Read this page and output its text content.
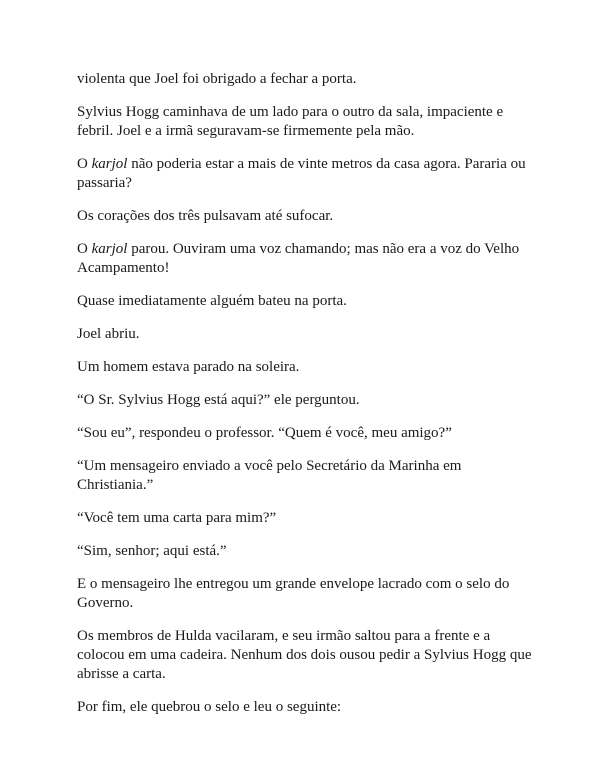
violenta que Joel foi obrigado a fechar a porta.

Sylvius Hogg caminhava de um lado para o outro da sala, impaciente e febril. Joel e a irmã seguravam-se firmemente pela mão.

O karjol não poderia estar a mais de vinte metros da casa agora. Pararia ou passaria?

Os corações dos três pulsavam até sufocar.

O karjol parou. Ouviram uma voz chamando; mas não era a voz do Velho Acampamento!

Quase imediatamente alguém bateu na porta.

Joel abriu.

Um homem estava parado na soleira.

“O Sr. Sylvius Hogg está aqui?” ele perguntou.

“Sou eu”, respondeu o professor. “Quem é você, meu amigo?”

“Um mensageiro enviado a você pelo Secretário da Marinha em Christiania.”

“Você tem uma carta para mim?”

“Sim, senhor; aqui está.”

E o mensageiro lhe entregou um grande envelope lacrado com o selo do Governo.

Os membros de Hulda vacilaram, e seu irmão saltou para a frente e a colocou em uma cadeira. Nenhum dos dois ousou pedir a Sylvius Hogg que abrisse a carta.

Por fim, ele quebrou o selo e leu o seguinte:
